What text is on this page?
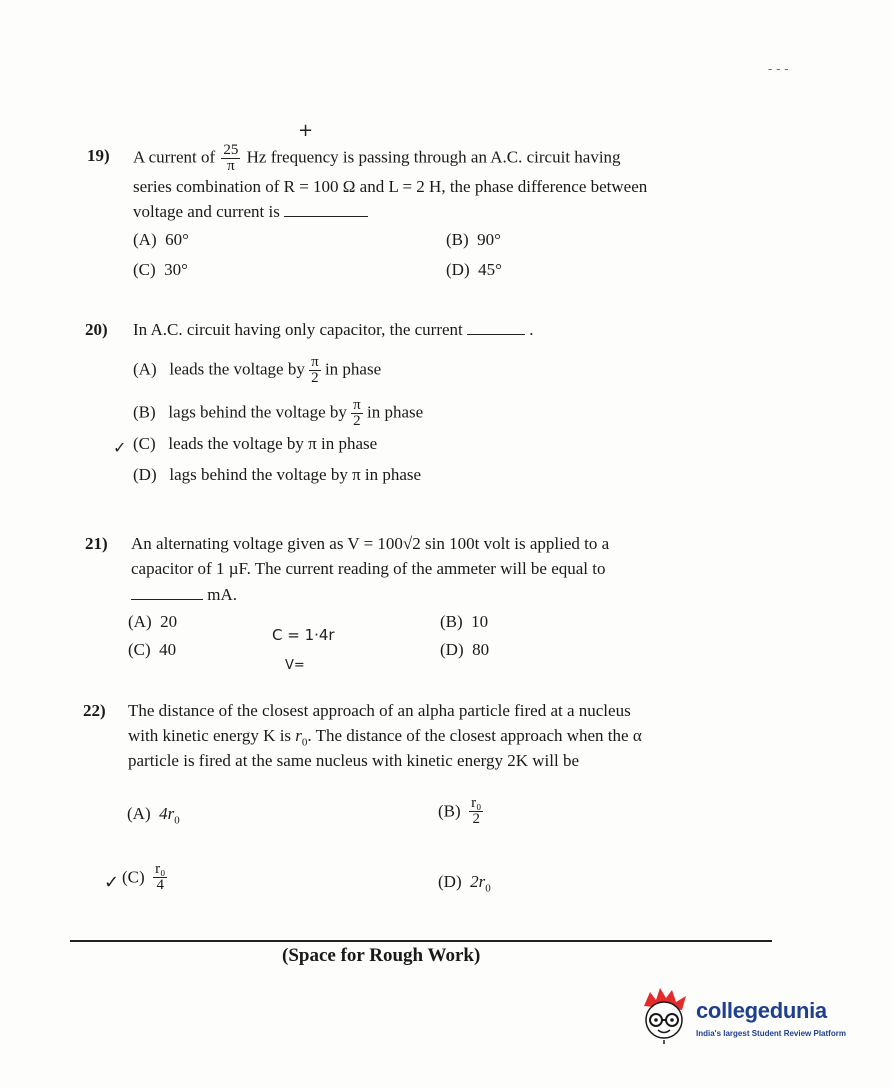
- - -
+
19) A current of $\frac{25}{\pi}$ Hz frequency is passing through an A.C. circuit having
series combination of R = 100 Ω and L = 2 H, the phase difference between
voltage and current is
(A) 60°	(B) 90°
(C) 30°	(D) 45°
20) In A.C. circuit having only capacitor, the current	.
(A) leads the voltage by $\frac{\pi}{2}$ in phase
(B) lags behind the voltage by $\frac{\pi}{2}$ in phase
✓ (C) leads the voltage by π in phase
(D) lags behind the voltage by π in phase
21) An alternating voltage given as V = 100√2 sin 100t volt is applied to a
capacitor of 1 µF. The current reading of the ammeter will be equal to
mA.
(A) 20	(B) 10
C = 1·4r
(C) 40	(D) 80
V=
22) The distance of the closest approach of an alpha particle fired at a nucleus
with kinetic energy K is $r_0$. The distance of the closest approach when the α
particle is fired at the same nucleus with kinetic energy 2K will be
(A) $4r_0$	$(B) \frac{\text{r₀}}{2}$
✓ $(C) \frac{\text{r₀}}{4}$	(D) $2r_0$
(Space for Rough Work)
collegedunia
India's largest Student Review Platform
